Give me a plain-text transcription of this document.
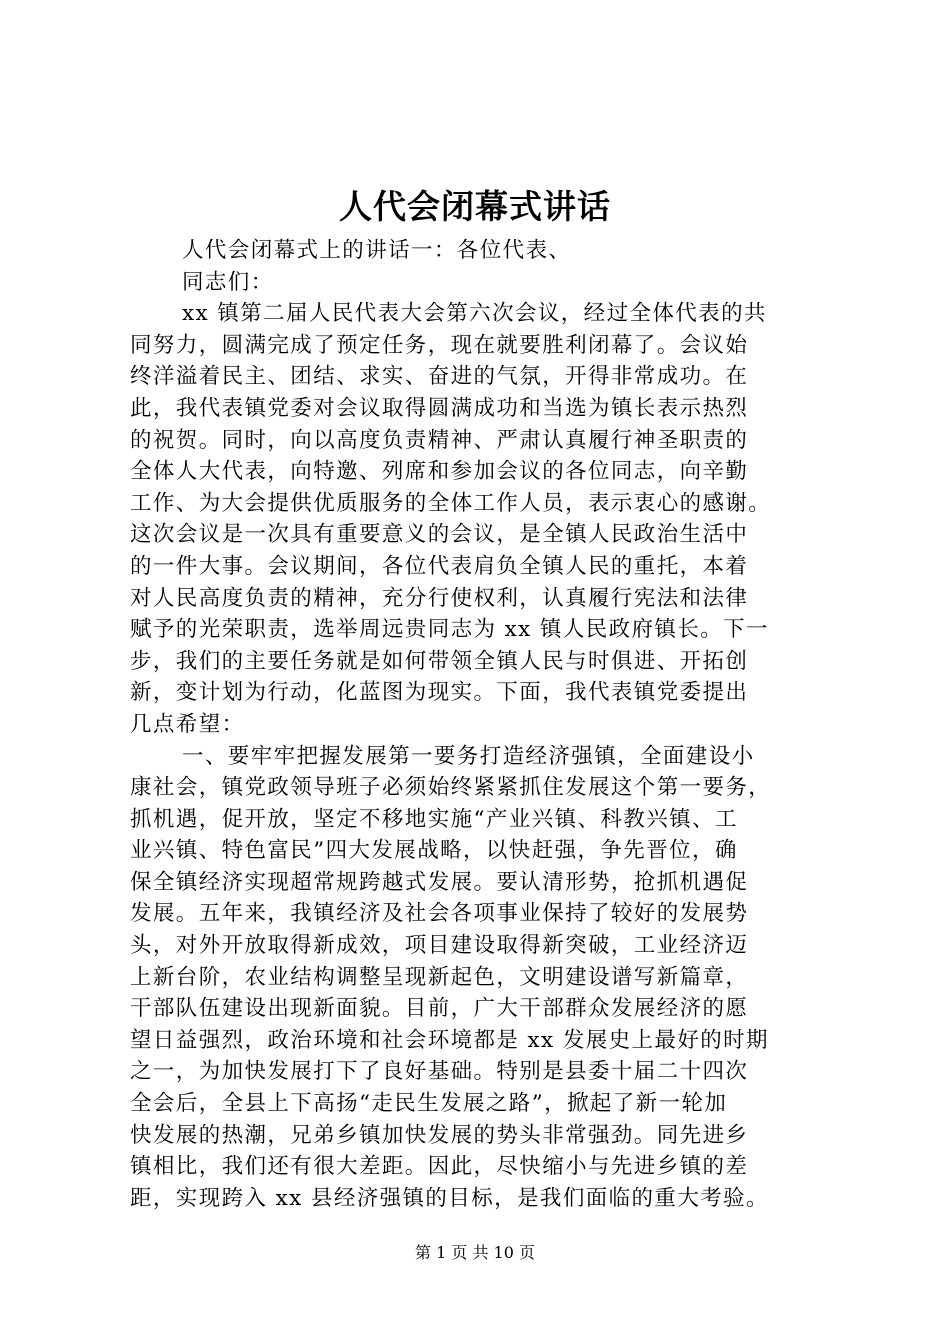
人代会闭幕式讲话
人代会闭幕式上的讲话一：各位代表、
同志们：
xx 镇第二届人民代表大会第六次会议，经过全体代表的共
同努力，圆满完成了预定任务，现在就要胜利闭幕了。会议始
终洋溢着民主、团结、求实、奋进的气氛，开得非常成功。在
此，我代表镇党委对会议取得圆满成功和当选为镇长表示热烈
的祝贺。同时，向以高度负责精神、严肃认真履行神圣职责的
全体人大代表，向特邀、列席和参加会议的各位同志，向辛勤
工作、为大会提供优质服务的全体工作人员，表示衷心的感谢。
这次会议是一次具有重要意义的会议，是全镇人民政治生活中
的一件大事。会议期间，各位代表肩负全镇人民的重托，本着
对人民高度负责的精神，充分行使权利，认真履行宪法和法律
赋予的光荣职责，选举周远贵同志为 xx 镇人民政府镇长。下一
步，我们的主要任务就是如何带领全镇人民与时俱进、开拓创
新，变计划为行动，化蓝图为现实。下面，我代表镇党委提出
几点希望：
一、要牢牢把握发展第一要务打造经济强镇，全面建设小
康社会，镇党政领导班子必须始终紧紧抓住发展这个第一要务，
抓机遇，促开放，坚定不移地实施“产业兴镇、科教兴镇、工
业兴镇、特色富民”四大发展战略，以快赶强，争先晋位，确
保全镇经济实现超常规跨越式发展。要认清形势，抢抓机遇促
发展。五年来，我镇经济及社会各项事业保持了较好的发展势
头，对外开放取得新成效，项目建设取得新突破，工业经济迈
上新台阶，农业结构调整呈现新起色，文明建设谱写新篇章，
干部队伍建设出现新面貌。目前，广大干部群众发展经济的愿
望日益强烈，政治环境和社会环境都是 xx 发展史上最好的时期
之一，为加快发展打下了良好基础。特别是县委十届二十四次
全会后，全县上下高扬“走民生发展之路”，掀起了新一轮加
快发展的热潮，兄弟乡镇加快发展的势头非常强劲。同先进乡
镇相比，我们还有很大差距。因此，尽快缩小与先进乡镇的差
距，实现跨入 xx 县经济强镇的目标，是我们面临的重大考验。
第 1 页 共 10 页
